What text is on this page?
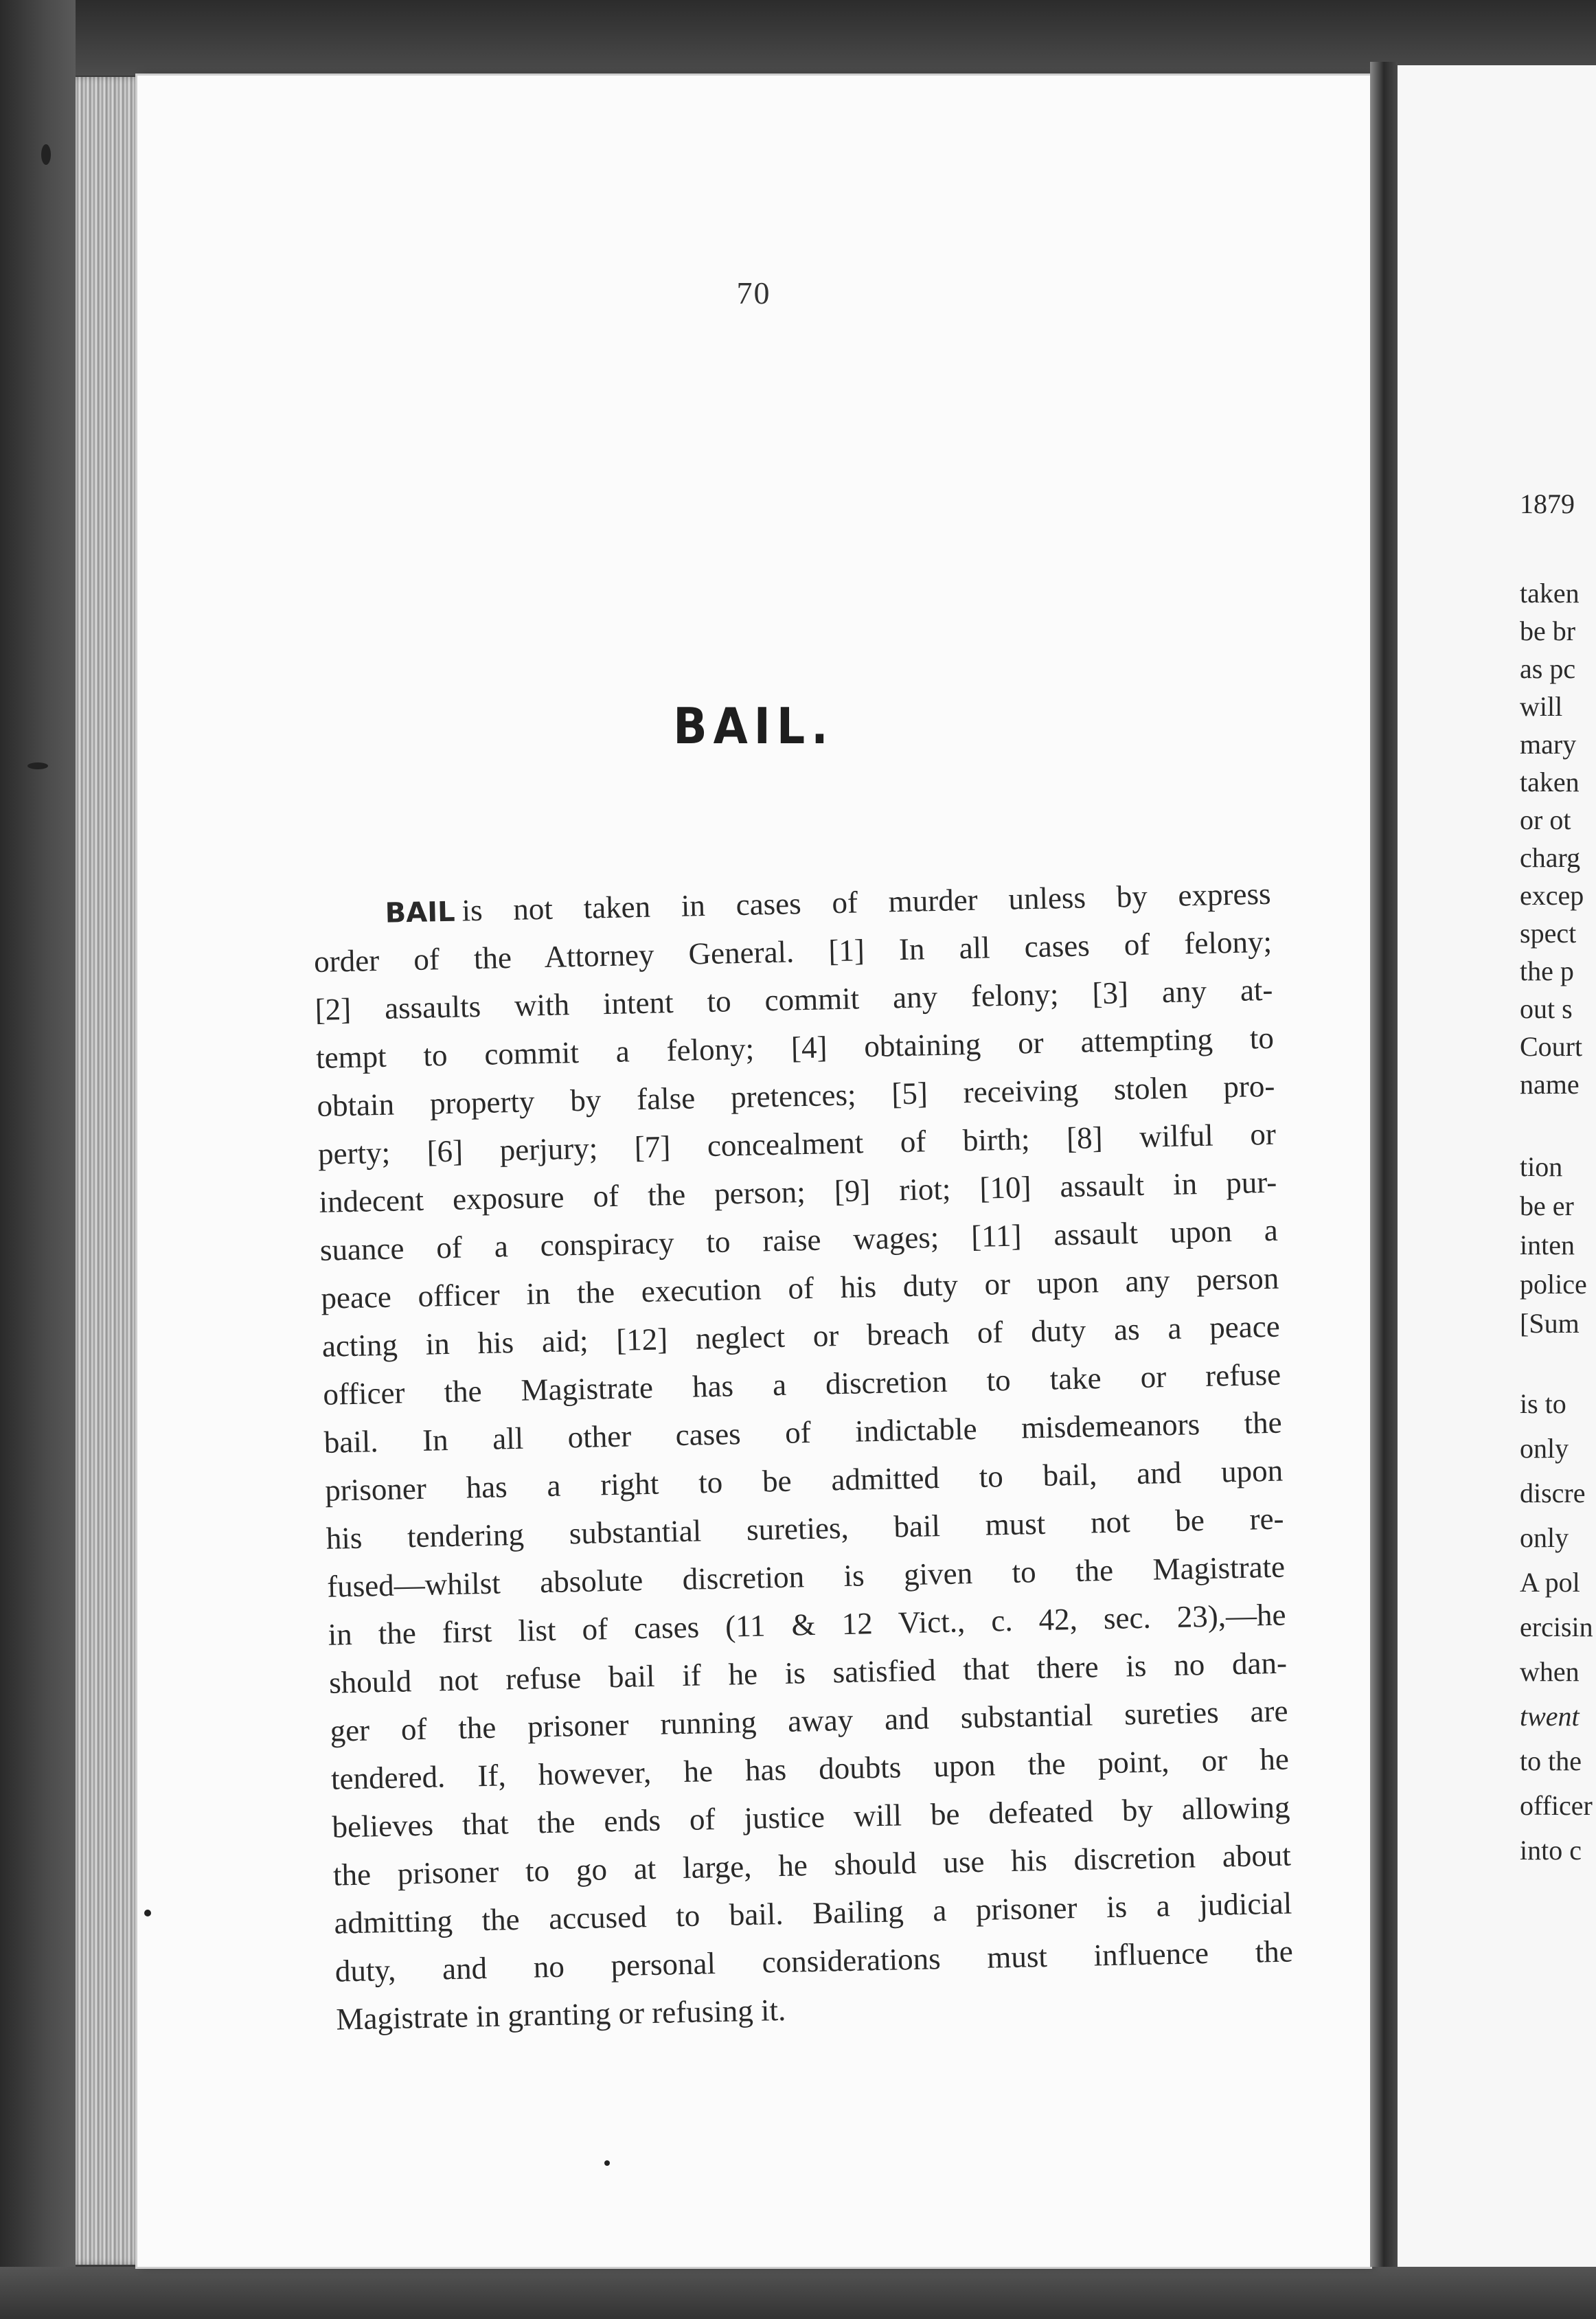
70
BAIL.
BAIL is not taken in cases of murder unless by express
order of the Attorney General. [1] In all cases of felony;
[2] assaults with intent to commit any felony; [3] any at-
tempt to commit a felony; [4] obtaining or attempting to
obtain property by false pretences; [5] receiving stolen pro-
perty; [6] perjury; [7] concealment of birth; [8] wilful or
indecent exposure of the person; [9] riot; [10] assault in pur-
suance of a conspiracy to raise wages; [11] assault upon a
peace officer in the execution of his duty or upon any person
acting in his aid; [12] neglect or breach of duty as a peace
officer the Magistrate has a discretion to take or refuse
bail. In all other cases of indictable misdemeanors the
prisoner has a right to be admitted to bail, and upon
his tendering substantial sureties, bail must not be re-
fused—whilst absolute discretion is given to the Magistrate
in the first list of cases (11 & 12 Vict., c. 42, sec. 23),—he
should not refuse bail if he is satisfied that there is no dan-
ger of the prisoner running away and substantial sureties are
tendered. If, however, he has doubts upon the point, or he
believes that the ends of justice will be defeated by allowing
the prisoner to go at large, he should use his discretion about
admitting the accused to bail. Bailing a prisoner is a judicial
duty, and no personal considerations must influence the
Magistrate in granting or refusing it.
1879
taken
be br
as pc
will
mary
taken
or ot
charg
excep
spect
the p
out s
Court
name
tion
be er
inten
police
[Sum
is to
only
discre
only
A pol
ercisin
when
twent
to the
officer
into c
